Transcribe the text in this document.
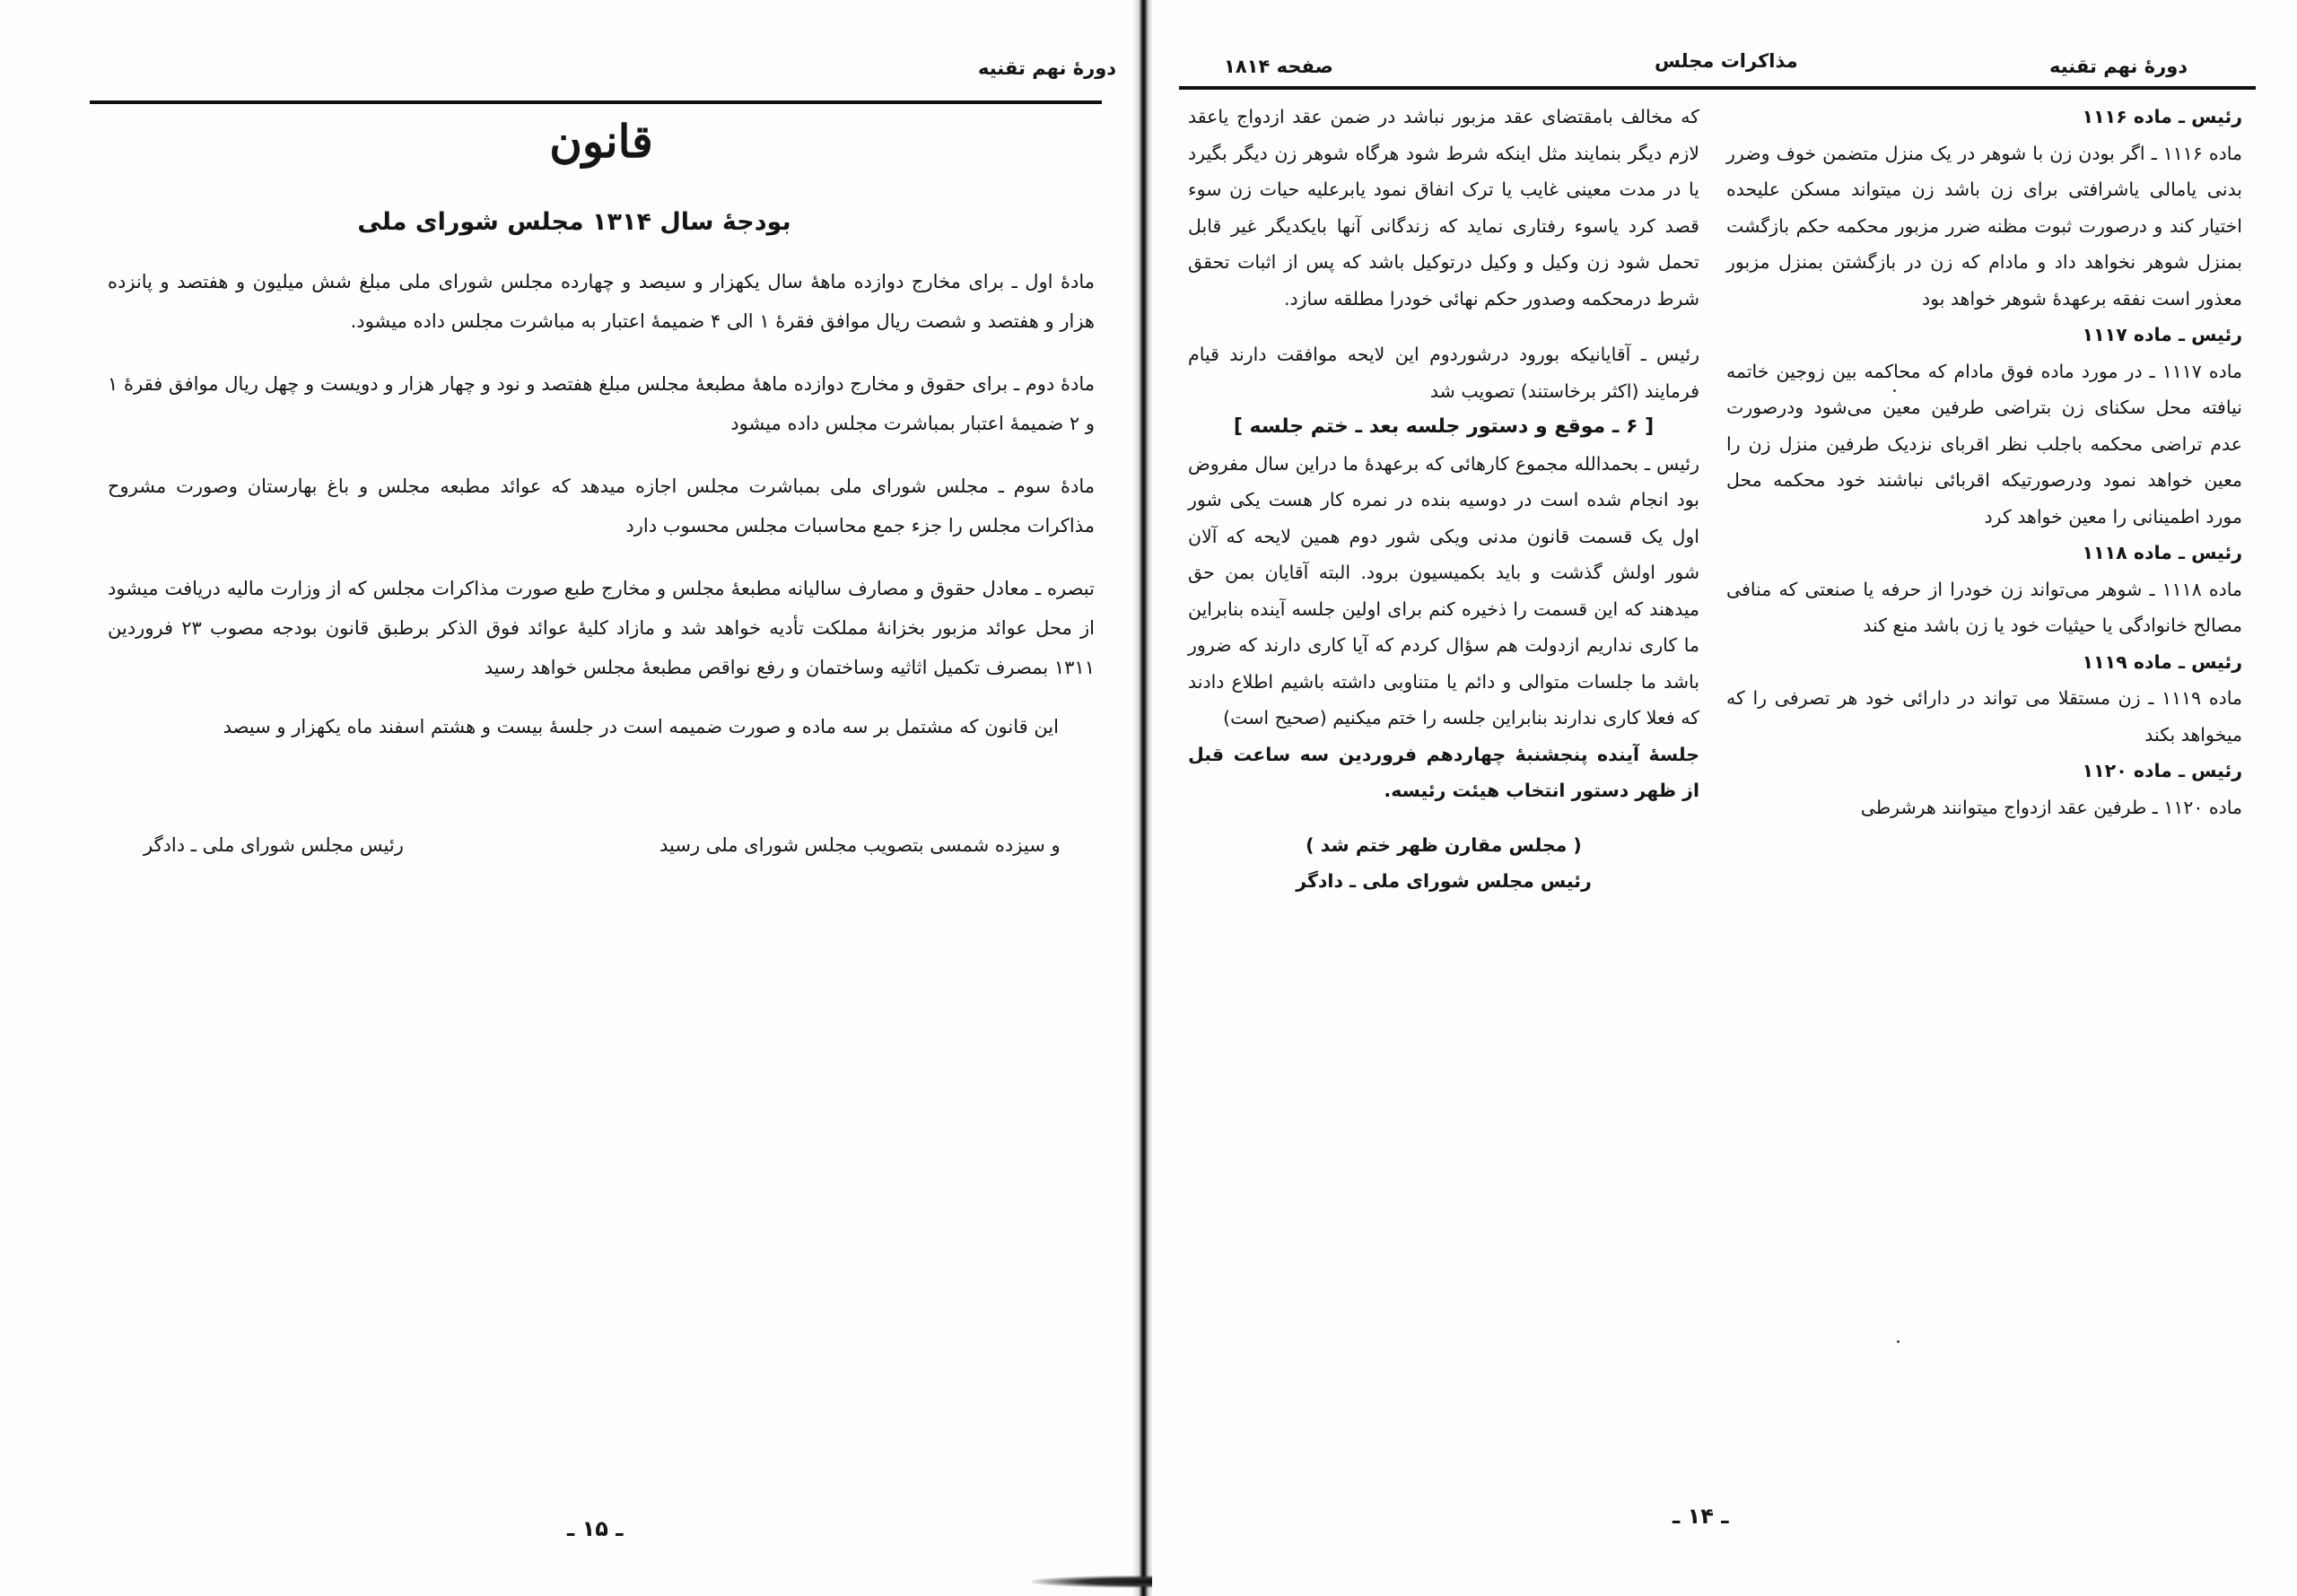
دورهٔ نهم تقنیه
قانون
بودجهٔ سال ۱۳۱۴ مجلس شورای ملی

مادهٔ اول ـ برای مخارج دوازده ماههٔ سال یکهزار و سیصد و چهارده مجلس شورای ملی مبلغ شش میلیون و هفتصد و پانزده هزار و هفتصد و شصت ریال موافق فقرهٔ ۱ الی ۴ ضمیمهٔ اعتبار به مباشرت مجلس داده میشود.

مادهٔ دوم ـ برای حقوق و مخارج دوازده ماههٔ مطبعهٔ مجلس مبلغ هفتصد و نود و چهار هزار و دویست و چهل ریال موافق فقرهٔ ۱ و ۲ ضمیمهٔ اعتبار بمباشرت مجلس داده میشود

مادهٔ سوم ـ مجلس شورای ملی بمباشرت مجلس اجازه میدهد که عوائد مطبعه مجلس و باغ بهارستان وصورت مشروح مذاکرات مجلس را جزء جمع محاسبات مجلس محسوب دارد

تبصره ـ معادل حقوق و مصارف سالیانه مطبعهٔ مجلس و مخارج طبع صورت مذاکرات مجلس که از وزارت مالیه دریافت میشود از محل عوائد مزبور بخزانهٔ مملکت تأدیه خواهد شد و مازاد کلیهٔ عوائد فوق الذکر برطبق قانون بودجه مصوب ۲۳ فروردین ۱۳۱۱ بمصرف تکمیل اثاثیه وساختمان و رفع نواقص مطبعهٔ مجلس خواهد رسید

این قانون که مشتمل بر سه ماده و صورت ضمیمه است در جلسهٔ بیست و هشتم اسفند ماه یکهزار و سیصد

و سیزده شمسی بتصویب مجلس شورای ملی رسید
رئیس مجلس شورای ملی ـ دادگر
ـ ۱۵ ـ
دورهٔ نهم تقنیه
مذاکرات مجلس
صفحه ۱۸۱۴

رئیس ـ ماده ۱۱۱۶

ماده ۱۱۱۶ ـ اگر بودن زن با شوهر در یک منزل متضمن خوف وضرر بدنی یامالی یاشرافتی برای زن باشد زن میتواند مسکن علیحده اختیار کند و درصورت ثبوت مظنه ضرر مزبور محکمه حکم بازگشت بمنزل شوهر نخواهد داد و مادام که زن در بازگشتن بمنزل مزبور معذور است نفقه برعهدهٔ شوهر خواهد بود

رئیس ـ ماده ۱۱۱۷

ماده ۱۱۱۷ ـ در مورد ماده فوق مادام که محاکمه بین زوجین خاتمه نیافته محل سکنای زن بتراضی طرفین معین می‌شود ودرصورت عدم تراضی محکمه باجلب نظر اقربای نزدیک طرفین منزل زن را معین خواهد نمود ودرصورتیکه اقربائی نباشند خود محکمه محل مورد اطمینانی را معین خواهد کرد

رئیس ـ ماده ۱۱۱۸

ماده ۱۱۱۸ ـ شوهر می‌تواند زن خودرا از حرفه یا صنعتی که منافی مصالح خانوادگی یا حیثیات خود یا زن باشد منع کند

رئیس ـ ماده ۱۱۱۹

ماده ۱۱۱۹ ـ زن مستقلا می تواند در دارائی خود هر تصرفی را که میخواهد بکند

رئیس ـ ماده ۱۱۲۰

ماده ۱۱۲۰ ـ طرفین عقد ازدواج میتوانند هرشرطی

که مخالف بامقتضای عقد مزبور نباشد در ضمن عقد ازدواج یاعقد لازم دیگر بنمایند مثل اینکه شرط شود هرگاه شوهر زن دیگر بگیرد یا در مدت معینی غایب یا ترک انفاق نمود یابرعلیه حیات زن سوء قصد کرد یاسوء رفتاری نماید که زندگانی آنها بایکدیگر غیر قابل تحمل شود زن وکیل و وکیل درتوکیل باشد که پس از اثبات تحقق شرط درمحکمه وصدور حکم نهائی خودرا مطلقه سازد.

رئیس ـ آقایانیکه بورود درشوردوم این لایحه موافقت دارند قیام فرمایند (اکثر برخاستند) تصویب شد

[ ۶ ـ موقع و دستور جلسه بعد ـ ختم جلسه ]

رئیس ـ بحمدالله مجموع کارهائی که برعهدهٔ ما دراین سال مفروض بود انجام شده است در دوسیه بنده در نمره کار هست یکی شور اول یک قسمت قانون مدنی ویکی شور دوم همین لایحه که آلان شور اولش گذشت و باید بکمیسیون برود. البته آقایان بمن حق میدهند که این قسمت را ذخیره کنم برای اولین جلسه آینده بنابراین ما کاری نداریم ازدولت هم سؤال کردم که آیا کاری دارند که ضرور باشد ما جلسات متوالی و دائم یا متناوبی داشته باشیم اطلاع دادند که فعلا کاری ندارند بنابراین جلسه را ختم میکنیم (صحیح است)

جلسهٔ آینده پنجشنبهٔ چهاردهم فروردین سه ساعت قبل از ظهر دستور انتخاب هیئت رئیسه.

( مجلس مقارن ظهر ختم شد )

رئیس مجلس شورای ملی ـ دادگر

ـ ۱۴ ـ
